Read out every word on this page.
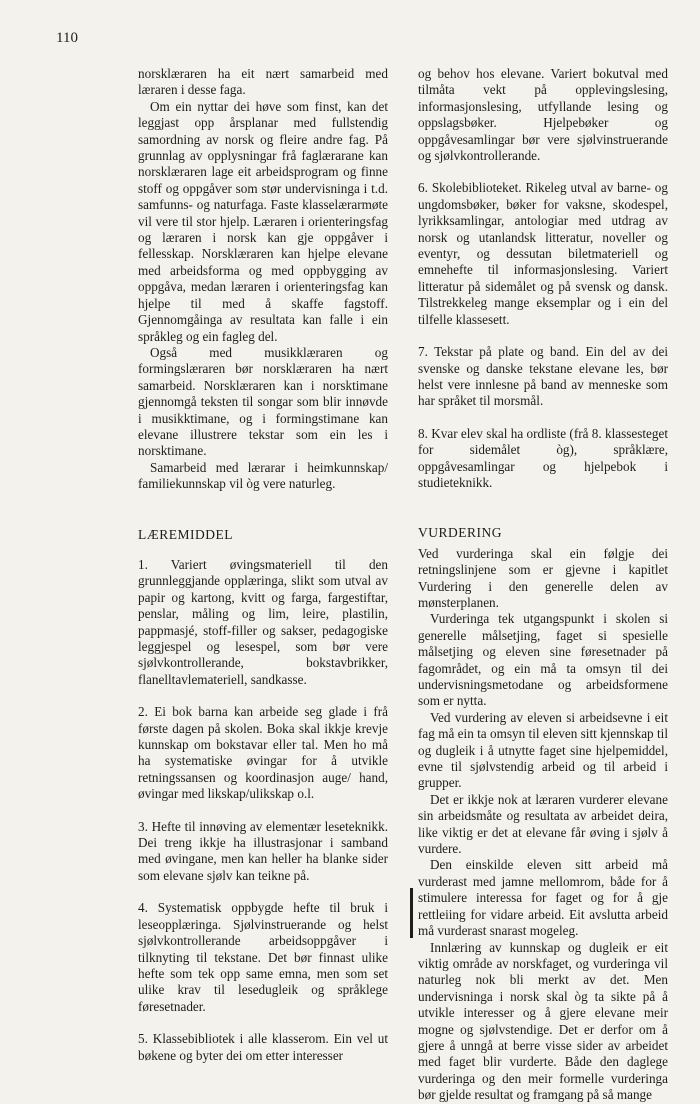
110

norsklæraren ha eit nært samarbeid med læraren i desse faga.

Om ein nyttar dei høve som finst, kan det leggjast opp årsplanar med fullstendig samordning av norsk og fleire andre fag. På grunnlag av opplysningar frå faglærarane kan norsklæraren lage eit arbeidsprogram og finne stoff og oppgåver som stør undervisninga i t.d. samfunns- og naturfaga. Faste klasselærarmøte vil vere til stor hjelp. Læraren i orienteringsfag og læraren i norsk kan gje oppgåver i fellesskap. Norsklæraren kan hjelpe elevane med arbeidsforma og med oppbygging av oppgåva, medan læraren i orienteringsfag kan hjelpe til med å skaffe fagstoff. Gjennomgåinga av resultata kan falle i ein språkleg og ein fagleg del.

Også med musikklæraren og formingslæraren bør norsklæraren ha nært samarbeid. Norsklæraren kan i norsktimane gjennomgå teksten til songar som blir innøvde i musikktimane, og i formingstimane kan elevane illustrere tekstar som ein les i norsktimane.

Samarbeid med lærarar i heimkunnskap/ familiekunnskap vil òg vere naturleg.

LÆREMIDDEL

1. Variert øvingsmateriell til den grunnleggjande opplæringa, slikt som utval av papir og kartong, kvitt og farga, fargestiftar, penslar, måling og lim, leire, plastilin, pappmasjé, stoff-filler og sakser, pedagogiske leggjespel og lesespel, som bør vere sjølvkontrollerande, bokstavbrikker, flanelltavlemateriell, sandkasse.

2. Ei bok barna kan arbeide seg glade i frå første dagen på skolen. Boka skal ikkje krevje kunnskap om bokstavar eller tal. Men ho må ha systematiske øvingar for å utvikle retningssansen og koordinasjon auge/ hand, øvingar med likskap/ulikskap o.l.

3. Hefte til innøving av elementær leseteknikk. Dei treng ikkje ha illustrasjonar i samband med øvingane, men kan heller ha blanke sider som elevane sjølv kan teikne på.

4. Systematisk oppbygde hefte til bruk i leseopplæringa. Sjølvinstruerande og helst sjølvkontrollerande arbeidsoppgåver i tilknyting til tekstane. Det bør finnast ulike hefte som tek opp same emna, men som set ulike krav til lesedugleik og språklege føresetnader.

5. Klassebibliotek i alle klasserom. Ein vel ut bøkene og byter dei om etter interesser

og behov hos elevane. Variert bokutval med tilmåta vekt på opplevingslesing, informasjonslesing, utfyllande lesing og oppslagsbøker. Hjelpebøker og oppgåvesamlingar bør vere sjølvinstruerande og sjølvkontrollerande.

6. Skolebiblioteket. Rikeleg utval av barne- og ungdomsbøker, bøker for vaksne, skodespel, lyrikksamlingar, antologiar med utdrag av norsk og utanlandsk litteratur, noveller og eventyr, og dessutan biletmateriell og emnehefte til informasjonslesing. Variert litteratur på sidemålet og på svensk og dansk. Tilstrekkeleg mange eksemplar og i ein del tilfelle klassesett.

7. Tekstar på plate og band. Ein del av dei svenske og danske tekstane elevane les, bør helst vere innlesne på band av menneske som har språket til morsmål.

8. Kvar elev skal ha ordliste (frå 8. klassesteget for sidemålet òg), språklære, oppgåvesamlingar og hjelpebok i studieteknikk.

VURDERING

Ved vurderinga skal ein følgje dei retningslinjene som er gjevne i kapitlet Vurdering i den generelle delen av mønsterplanen.

Vurderinga tek utgangspunkt i skolen si generelle målsetjing, faget si spesielle målsetjing og eleven sine føresetnader på fagområdet, og ein må ta omsyn til dei undervisningsmetodane og arbeidsformene som er nytta.

Ved vurdering av eleven si arbeidsevne i eit fag må ein ta omsyn til eleven sitt kjennskap til og dugleik i å utnytte faget sine hjelpemiddel, evne til sjølvstendig arbeid og til arbeid i grupper.

Det er ikkje nok at læraren vurderer elevane sin arbeidsmåte og resultata av arbeidet deira, like viktig er det at elevane får øving i sjølv å vurdere.

Den einskilde eleven sitt arbeid må vurderast med jamne mellomrom, både for å stimulere interessa for faget og for å gje rettleiing for vidare arbeid. Eit avslutta arbeid må vurderast snarast mogeleg.

Innlæring av kunnskap og dugleik er eit viktig område av norskfaget, og vurderinga vil naturleg nok bli merkt av det. Men undervisninga i norsk skal òg ta sikte på å utvikle interesser og å gjere elevane meir mogne og sjølvstendige. Det er derfor om å gjere å unngå at berre visse sider av arbeidet med faget blir vurderte. Både den daglege vurderinga og den meir formelle vurderinga bør gjelde resultat og framgang på så mange
